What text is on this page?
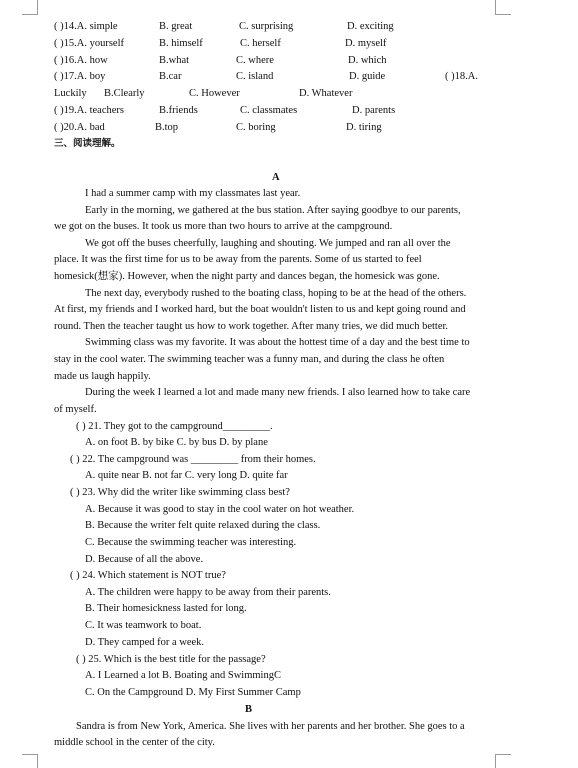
( )14.A. simple	B. great	C. surprising	D. exciting
( )15.A. yourself	B. himself	C. herself	D. myself
( )16.A. how	B.what	C. where	D. which
( )17.A. boy	B.car	C. island	D. guide	( )18.A.
Luckily B.Clearly	C. However	D. Whatever
( )19.A. teachers	B.friends	C. classmates	D. parents
( )20.A. bad	B.top	C. boring	D. tiring
三、阅读理解。
A
I had a summer camp with my classmates last year.
Early in the morning, we gathered at the bus station. After saying goodbye to our parents,
we got on the buses. It took us more than two hours to arrive at the campground.
We got off the buses cheerfully, laughing and shouting. We jumped and ran all over the
place. It was the first time for us to be away from the parents. Some of us started to feel
homesick(想家). However, when the night party and dances began, the homesick was gone.
The next day, everybody rushed to the boating class, hoping to be at the head of the others.
At first, my friends and I worked hard, but the boat wouldn't listen to us and kept going round and
round. Then the teacher taught us how to work together. After many tries, we did much better.
Swimming class was my favorite. It was about the hottest time of a day and the best time to
stay in the cool water. The swimming teacher was a funny man, and during the class he often
made us laugh happily.
During the week I learned a lot and made many new friends. I also learned how to take care
of myself.
( ) 21. They got to the campground_________.
A. on foot B. by bike C. by bus D. by plane
( ) 22. The campground was _________ from their homes.
A. quite near B. not far C. very long D. quite far
( ) 23. Why did the writer like swimming class best?
A. Because it was good to stay in the cool water on hot weather.
B. Because the writer felt quite relaxed during the class.
C. Because the swimming teacher was interesting.
D. Because of all the above.
( ) 24. Which statement is NOT true?
A. The children were happy to be away from their parents.
B. Their homesickness lasted for long.
C. It was teamwork to boat.
D. They camped for a week.
( ) 25. Which is the best title for the passage?
A. I Learned a lot B. Boating and SwimmingC
C. On the Campground D. My First Summer Camp
B
Sandra is from New York, America. She lives with her parents and her brother. She goes to a
middle school in the center of the city.
